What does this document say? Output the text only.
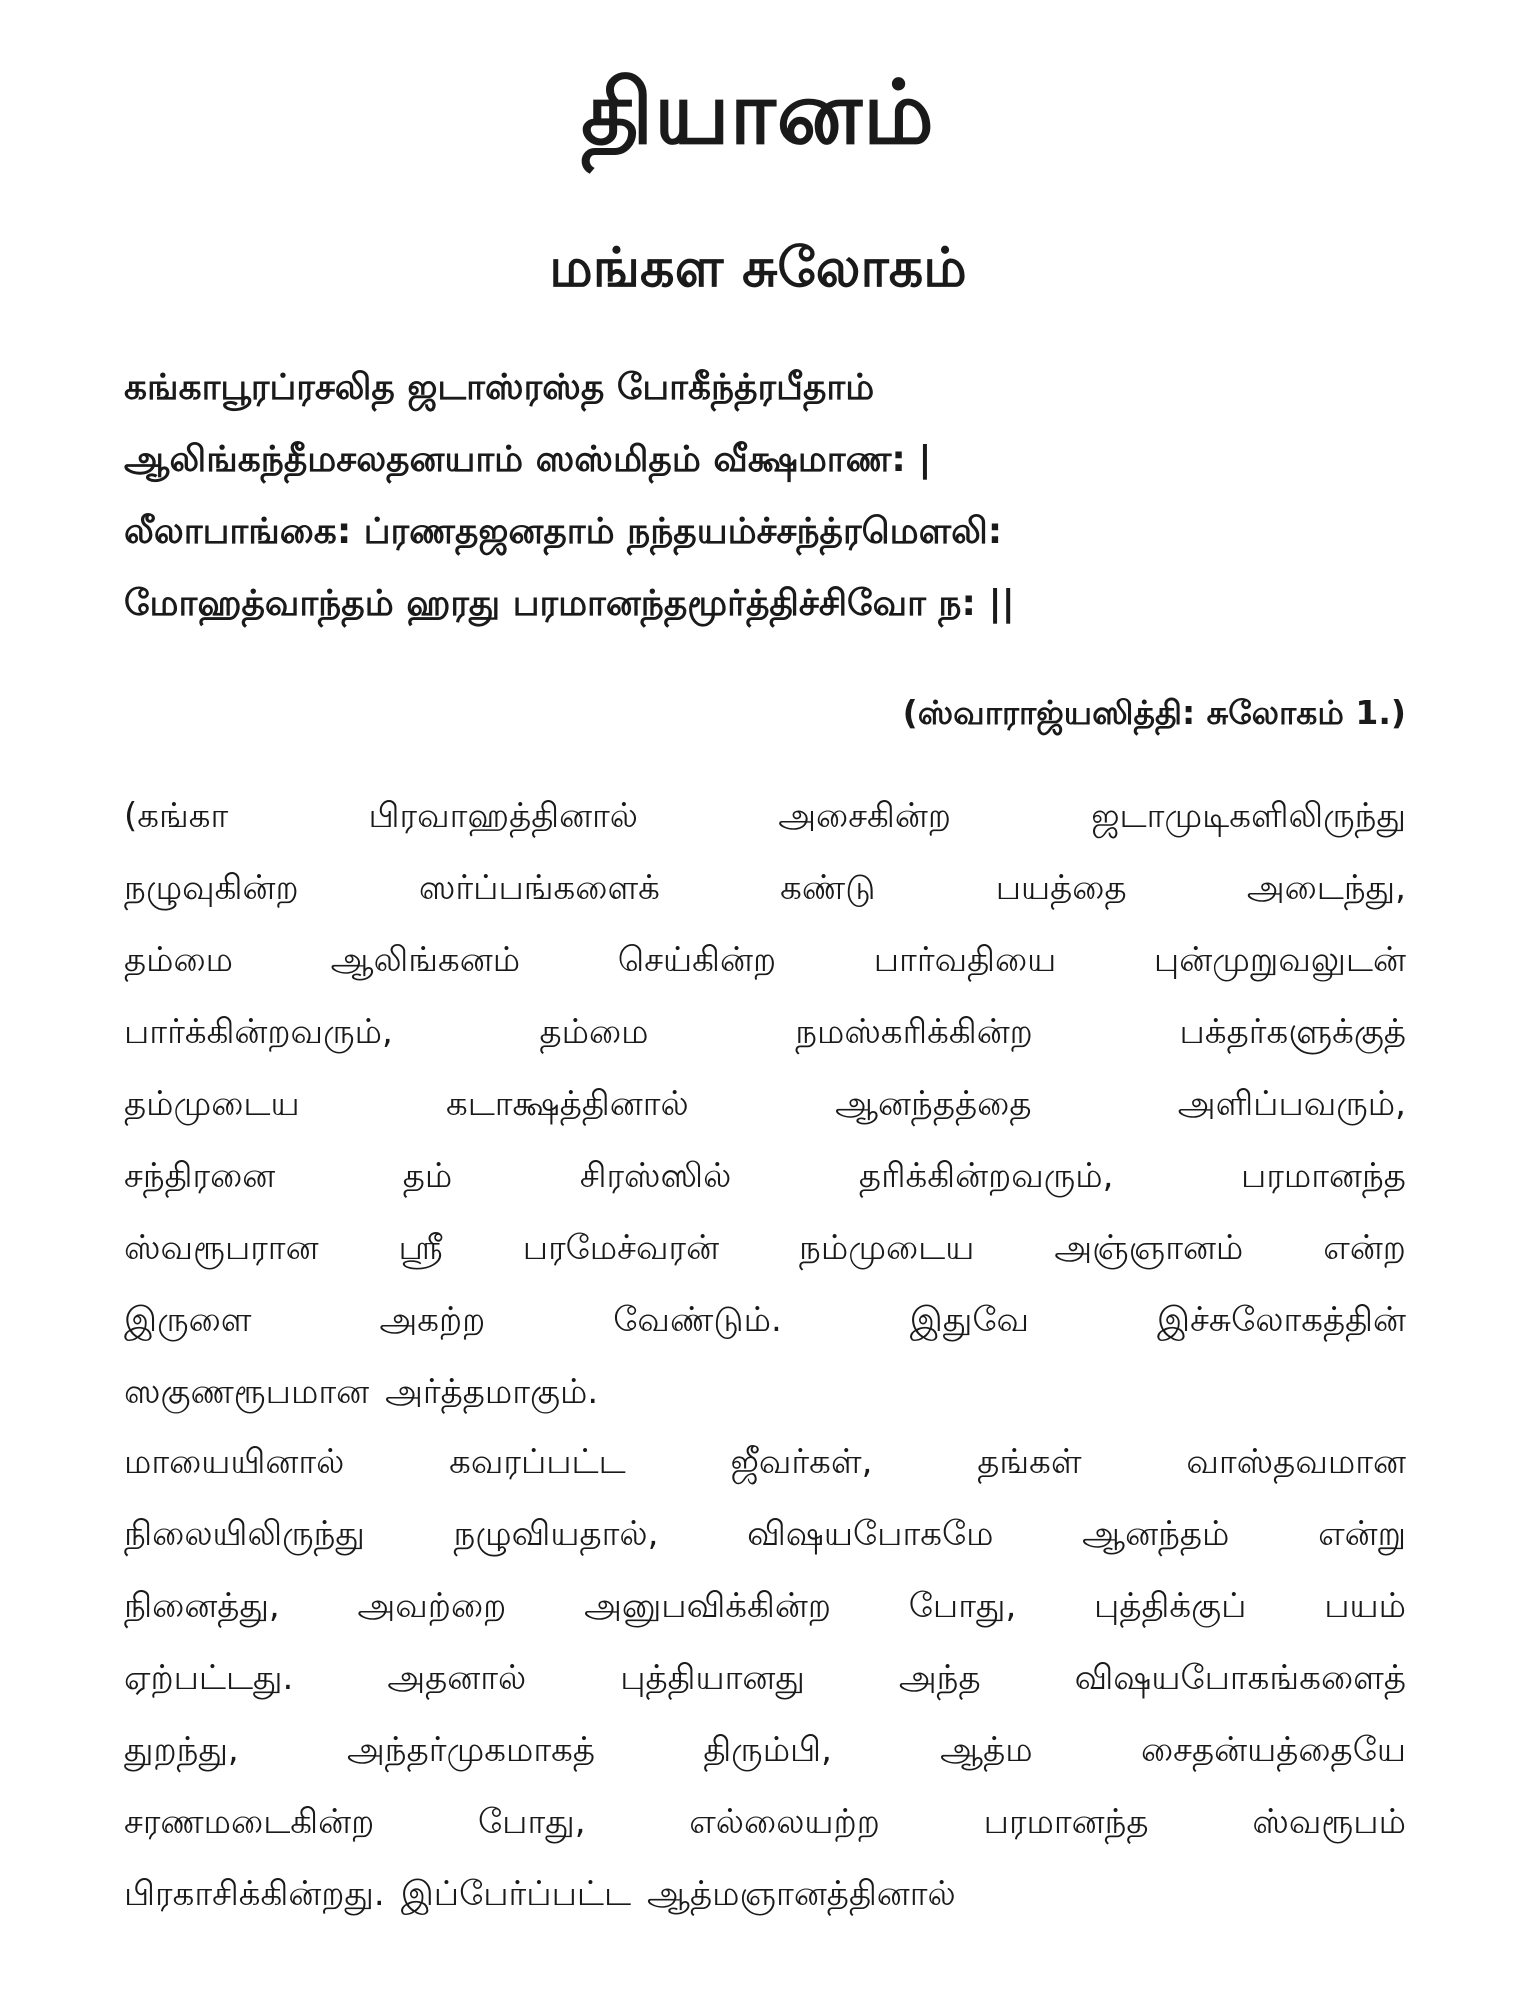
தியானம்
மங்கள சுலோகம்
கங்காபூரப்ரசலித ஜடாஸ்ரஸ்த போகீந்த்ரபீதாம்
ஆலிங்கந்தீமசலதனயாம் ஸஸ்மிதம் வீக்ஷமாண: |
லீலாபாங்கை: ப்ரணதஜனதாம் நந்தயம்ச்சந்த்ரமௌலி:
மோஹத்வாந்தம் ஹரது பரமானந்தமூர்த்திச்சிவோ ந: ||
(ஸ்வாராஜ்யஸித்தி: சுலோகம் 1.)
(கங்கா	பிரவாஹத்தினால்	அசைகின்ற	ஜடாமுடிகளிலிருந்து
நழுவுகின்ற	ஸர்ப்பங்களைக்	கண்டு	பயத்தை	அடைந்து,
தம்மை	ஆலிங்கனம்	செய்கின்ற	பார்வதியை	புன்முறுவலுடன்
பார்க்கின்றவரும்,	தம்மை	நமஸ்கரிக்கின்ற	பக்தர்களுக்குத்
தம்முடைய	கடாக்ஷத்தினால்	ஆனந்தத்தை	அளிப்பவரும்,
சந்திரனை	தம்	சிரஸ்ஸில்	தரிக்கின்றவரும்,	பரமானந்த
ஸ்வரூபரான ஸ்ரீ பரமேச்வரன் நம்முடைய அஞ்ஞானம் என்ற
இருளை	அகற்ற	வேண்டும்.	இதுவே	இச்சுலோகத்தின்
ஸகுணரூபமான அர்த்தமாகும்.
மாயையினால்	கவரப்பட்ட	ஜீவர்கள்,	தங்கள்	வாஸ்தவமான
நிலையிலிருந்து	நழுவியதால்,	விஷயபோகமே	ஆனந்தம்	என்று
நினைத்து, அவற்றை அனுபவிக்கின்ற போது, புத்திக்குப் பயம்
ஏற்பட்டது.	அதனால்	புத்தியானது	அந்த	விஷயபோகங்களைத்
துறந்து,	அந்தர்முகமாகத்	திரும்பி,	ஆத்ம	சைதன்யத்தையே
சரணமடைகின்ற	போது,	எல்லையற்ற	பரமானந்த	ஸ்வரூபம்
பிரகாசிக்கின்றது. இப்பேர்ப்பட்ட ஆத்மஞானத்தினால்
